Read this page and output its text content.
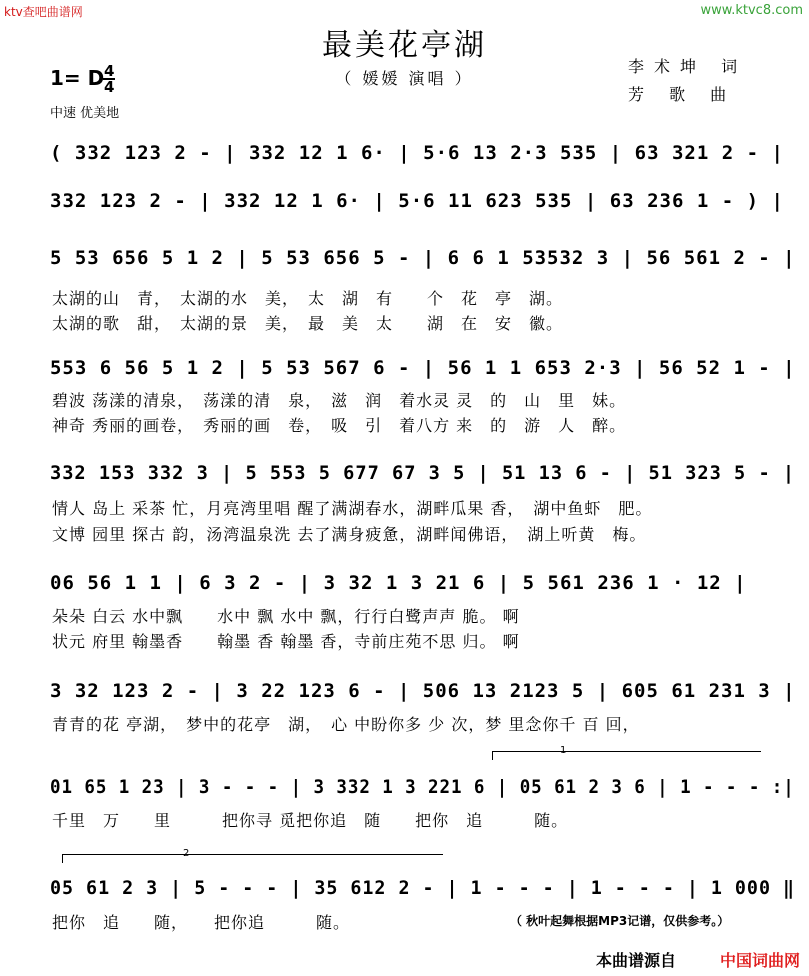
ktv查吧曲谱网	www.ktvc8.com
最美花亭湖
（ 媛媛 演唱 ）
李术坤 词
芳 歌 曲
1= D 4
4
中速 优美地
( 332 123 2 - | 332 12 1 6· | 5·6 13 2·3 535 | 63 321 2 - |
332 123 2 - | 332 12 1 6· | 5·6 11 623 535 | 63 236 1 - ) |
5 53 656 5 1 2 | 5 53 656 5 - | 6 6 1 53532 3 | 56 561 2 - |
太湖的山　青，　太湖的水　美，　太　湖　有　　个　花　亭　湖。
太湖的歌　甜，　太湖的景　美，　最　美　太　　湖　在　安　徽。
553 6 56 5 1 2 | 5 53 567 6 - | 56 1 1 653 2·3 | 56 52 1 - |
碧波 荡漾的清泉，　荡漾的清　泉，　滋　润　着水灵 灵　的　山　里　妹。
神奇 秀丽的画卷，　秀丽的画　卷，　吸　引　着八方 来　的　游　人　醉。
332 153 332 3 | 5 553 5 677 67 3 5 | 51 13 6 - | 51 323 5 - |
情人 岛上 采茶 忙，月亮湾里唱 醒了满湖春水，湖畔瓜果 香，　湖中鱼虾　肥。
文博 园里 探古 韵，汤湾温泉洗 去了满身疲惫，湖畔闻佛语，　湖上听黄　梅。
06 56 1 1 | 6 3 2 - | 3 32 1 3 21 6 | 5 561 236 1 · 12 |
朵朵 白云 水中飘　　水中 飘 水中 飘，行行白鹭声声 脆。 啊
状元 府里 翰墨香　　翰墨 香 翰墨 香，寺前庄苑不思 归。 啊
3 32 123 2 - | 3 22 123 6 - | 506 13 2123 5 | 605 61 231 3 |
青青的花 亭湖，　梦中的花亭　湖，　心 中盼你多 少 次，梦 里念你千 百 回，
1
01 65 1 23 | 3 - - - | 3 332 1 3 221 6 | 05 61 2 3 6 | 1 - - - :|
千里　万　　里　　　把你寻 觅把你追　随　　把你　追　　　随。
2
05 61 2 3 | 5 - - - | 35 612 2 - | 1 - - - | 1 - - - | 1 000 ‖
把你　追　　随，　　把你追　　　随。	（ 秋叶起舞根据MP3记谱，仅供参考。）
本曲谱源自	中国词曲网
